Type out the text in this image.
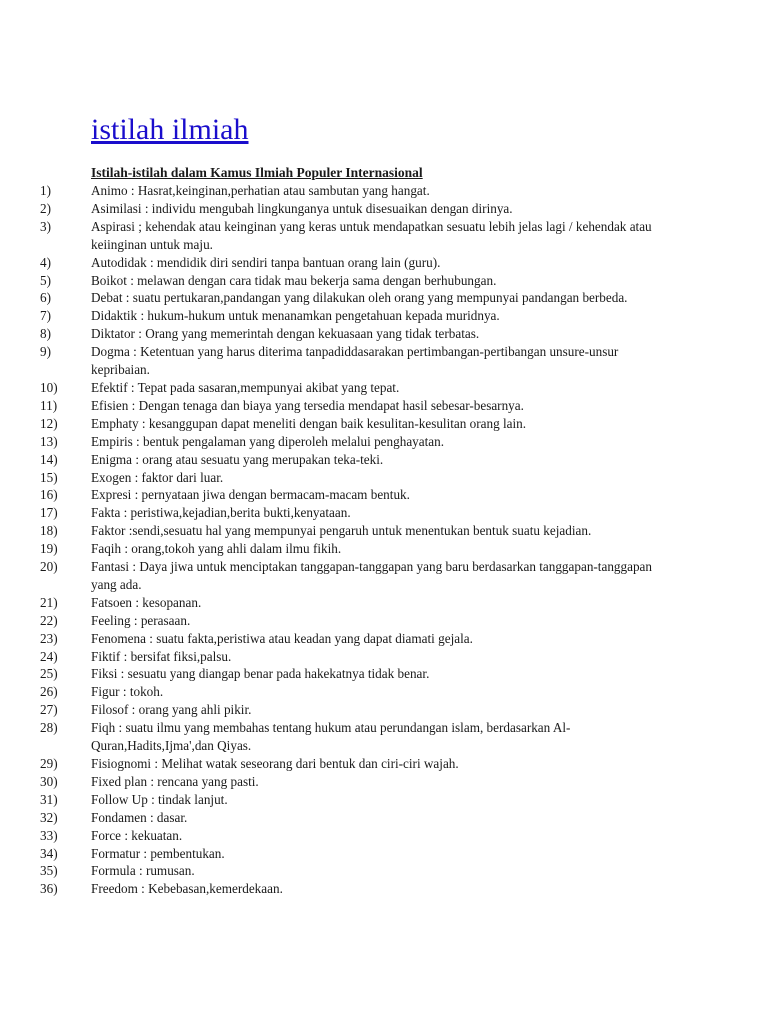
istilah ilmiah
Istilah-istilah dalam Kamus Ilmiah Populer Internasional
1)	Animo : Hasrat,keinginan,perhatian atau sambutan yang hangat.
2)	Asimilasi : individu mengubah lingkunganya untuk disesuaikan dengan dirinya.
3)	Aspirasi ; kehendak atau keinginan yang keras untuk mendapatkan sesuatu lebih jelas lagi / kehendak atau keiinginan untuk maju.
4)	Autodidak : mendidik diri sendiri tanpa bantuan orang lain (guru).
5)	Boikot : melawan dengan cara tidak mau bekerja sama dengan berhubungan.
6)	Debat : suatu pertukaran,pandangan yang dilakukan oleh orang yang mempunyai pandangan berbeda.
7)	Didaktik : hukum-hukum untuk menanamkan pengetahuan kepada muridnya.
8)	Diktator : Orang yang memerintah dengan kekuasaan yang tidak terbatas.
9)	Dogma : Ketentuan yang harus diterima tanpadiddasarakan pertimbangan-pertibangan unsure-unsur kepribaian.
10)	Efektif : Tepat pada sasaran,mempunyai akibat yang tepat.
11)	Efisien : Dengan tenaga dan biaya yang tersedia mendapat hasil sebesar-besarnya.
12)	Emphaty : kesanggupan dapat meneliti dengan baik kesulitan-kesulitan orang lain.
13)	Empiris : bentuk pengalaman yang diperoleh melalui penghayatan.
14)	Enigma : orang atau sesuatu yang merupakan teka-teki.
15)	Exogen : faktor dari luar.
16)	Expresi : pernyataan jiwa dengan bermacam-macam bentuk.
17)	Fakta : peristiwa,kejadian,berita bukti,kenyataan.
18)	Faktor :sendi,sesuatu hal yang mempunyai pengaruh untuk menentukan bentuk suatu kejadian.
19)	Faqih : orang,tokoh yang ahli dalam ilmu fikih.
20)	Fantasi : Daya jiwa untuk menciptakan tanggapan-tanggapan yang baru berdasarkan tanggapan-tanggapan yang ada.
21)	Fatsoen : kesopanan.
22)	Feeling : perasaan.
23)	Fenomena : suatu fakta,peristiwa atau keadan yang dapat diamati gejala.
24)	Fiktif : bersifat fiksi,palsu.
25)	Fiksi : sesuatu yang diangap benar pada hakekatnya tidak benar.
26)	Figur : tokoh.
27)	Filosof : orang yang ahli pikir.
28)	Fiqh : suatu ilmu yang membahas tentang hukum atau perundangan islam, berdasarkan Al-Quran,Hadits,Ijma',dan Qiyas.
29)	Fisiognomi : Melihat watak seseorang dari bentuk dan ciri-ciri wajah.
30)	Fixed plan : rencana yang pasti.
31)	Follow Up : tindak lanjut.
32)	Fondamen : dasar.
33)	Force : kekuatan.
34)	Formatur : pembentukan.
35)	Formula : rumusan.
36)	Freedom : Kebebasan,kemerdekaan.
